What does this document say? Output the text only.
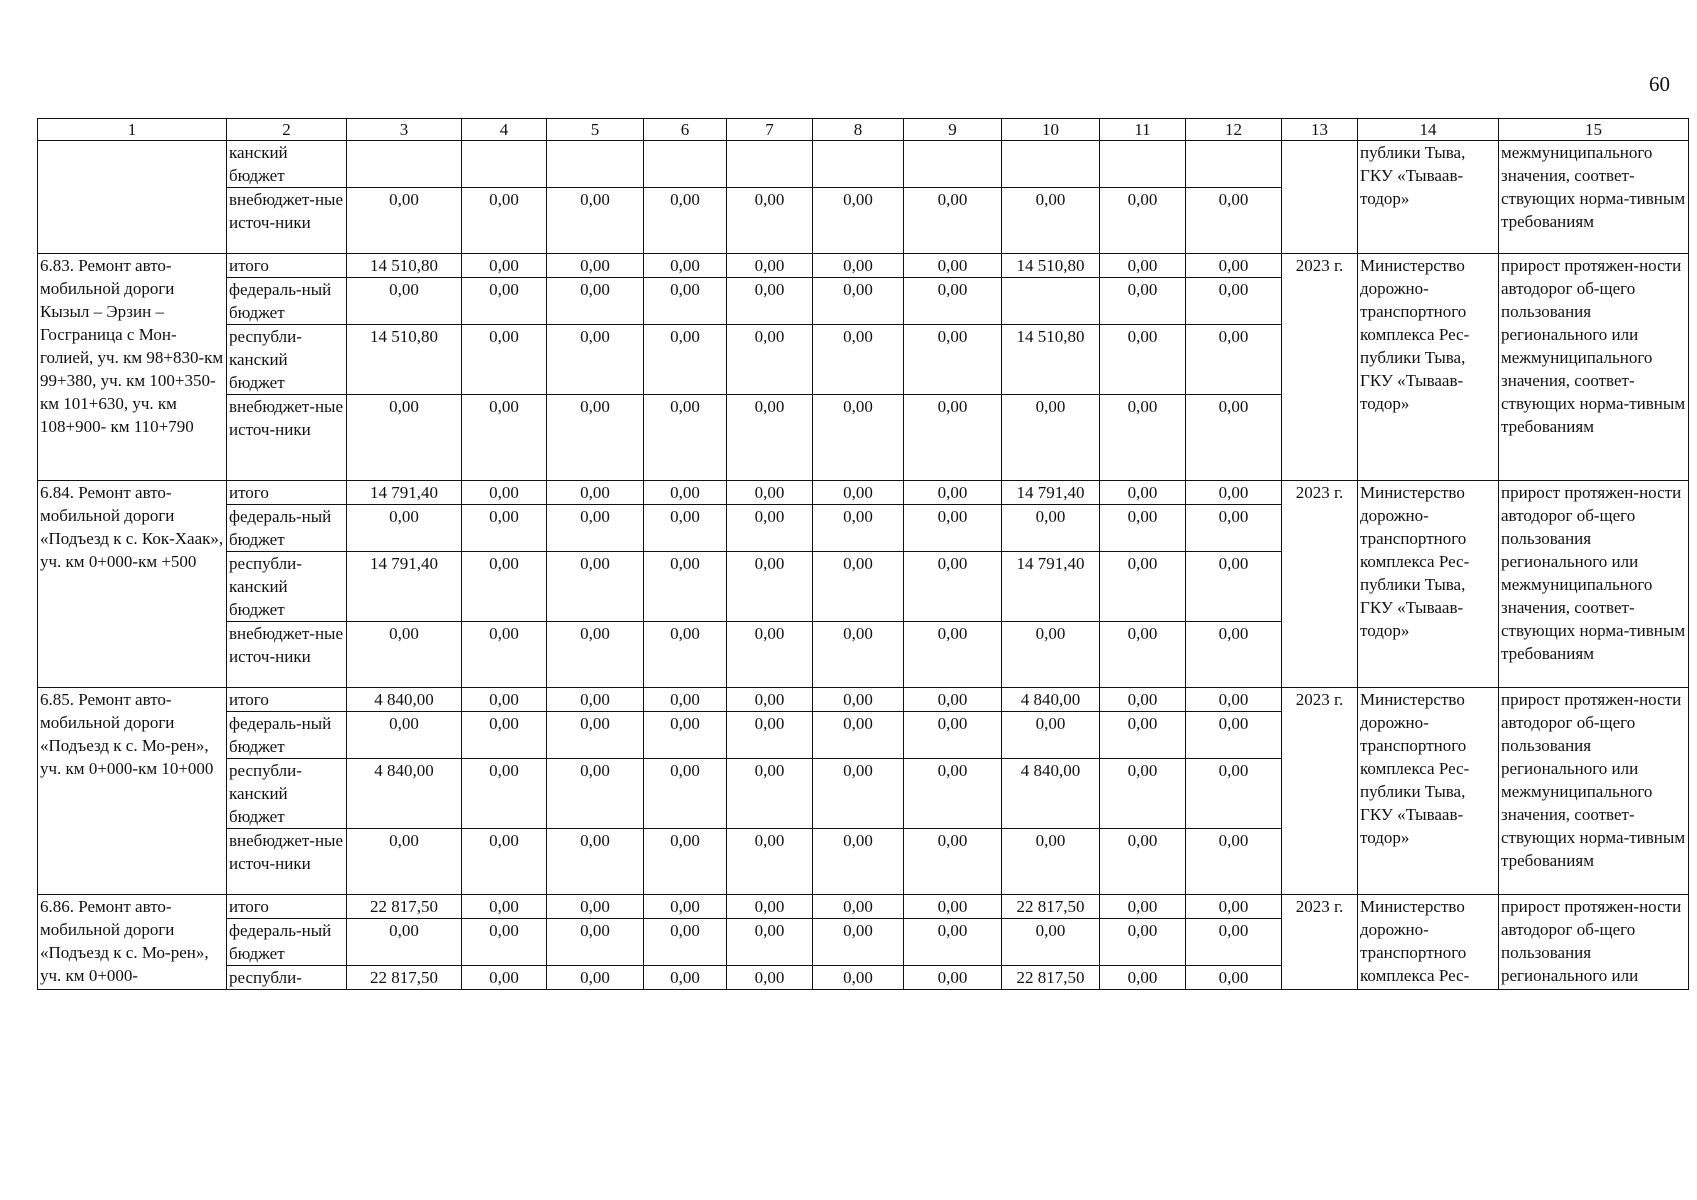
60
1	2	3	4	5	6	7	8	9	10	11	12	13	14	15
	канский бюджет												публики Тыва, ГКУ «Тываав-тодор»	межмуниципального значения, соответ-ствующих норма-тивным требованиям
	внебюджет-ные источ-ники	0,00	0,00	0,00	0,00	0,00	0,00	0,00	0,00	0,00	0,00			
6.83. Ремонт авто-мобильной дороги Кызыл – Эрзин – Госграница с Мон-голией, уч. км 98+830-км 99+380, уч. км 100+350- км 101+630, уч. км 108+900- км 110+790	итого	14 510,80	0,00	0,00	0,00	0,00	0,00	0,00	14 510,80	0,00	0,00	2023 г.	Министерство дорожно-транспортного комплекса Рес-публики Тыва, ГКУ «Тываав-тодор»	прирост протяжен-ности автодорог об-щего пользования регионального или межмуниципального значения, соответ-ствующих норма-тивным требованиям
	федераль-ный бюджет	0,00	0,00	0,00	0,00	0,00	0,00	0,00		0,00	0,00			
	республи-канский бюджет	14 510,80	0,00	0,00	0,00	0,00	0,00	0,00	14 510,80	0,00	0,00			
	внебюджет-ные источ-ники	0,00	0,00	0,00	0,00	0,00	0,00	0,00	0,00	0,00	0,00			
6.84. Ремонт авто-мобильной дороги «Подъезд к с. Кок-Хаак», уч. км 0+000-км +500	итого	14 791,40	0,00	0,00	0,00	0,00	0,00	0,00	14 791,40	0,00	0,00	2023 г.	Министерство дорожно-транспортного комплекса Рес-публики Тыва, ГКУ «Тываав-тодор»	прирост протяжен-ности автодорог об-щего пользования регионального или межмуниципального значения, соответ-ствующих норма-тивным требованиям
	федераль-ный бюджет	0,00	0,00	0,00	0,00	0,00	0,00	0,00	0,00	0,00	0,00			
	республи-канский бюджет	14 791,40	0,00	0,00	0,00	0,00	0,00	0,00	14 791,40	0,00	0,00			
	внебюджет-ные источ-ники	0,00	0,00	0,00	0,00	0,00	0,00	0,00	0,00	0,00	0,00			
6.85. Ремонт авто-мобильной дороги «Подъезд к с. Мо-рен», уч. км 0+000-км 10+000	итого	4 840,00	0,00	0,00	0,00	0,00	0,00	0,00	4 840,00	0,00	0,00	2023 г.	Министерство дорожно-транспортного комплекса Рес-публики Тыва, ГКУ «Тываав-тодор»	прирост протяжен-ности автодорог об-щего пользования регионального или межмуниципального значения, соответ-ствующих норма-тивным требованиям
	федераль-ный бюджет	0,00	0,00	0,00	0,00	0,00	0,00	0,00	0,00	0,00	0,00			
	республи-канский бюджет	4 840,00	0,00	0,00	0,00	0,00	0,00	0,00	4 840,00	0,00	0,00			
	внебюджет-ные источ-ники	0,00	0,00	0,00	0,00	0,00	0,00	0,00	0,00	0,00	0,00			
6.86. Ремонт авто-мобильной дороги «Подъезд к с. Мо-рен», уч. км 0+000-	итого	22 817,50	0,00	0,00	0,00	0,00	0,00	0,00	22 817,50	0,00	0,00	2023 г.	Министерство дорожно-транспортного комплекса Рес-	прирост протяжен-ности автодорог об-щего пользования регионального или
	федераль-ный бюджет	0,00	0,00	0,00	0,00	0,00	0,00	0,00	0,00	0,00	0,00			
	республи-	22 817,50	0,00	0,00	0,00	0,00	0,00	0,00	22 817,50	0,00	0,00			
